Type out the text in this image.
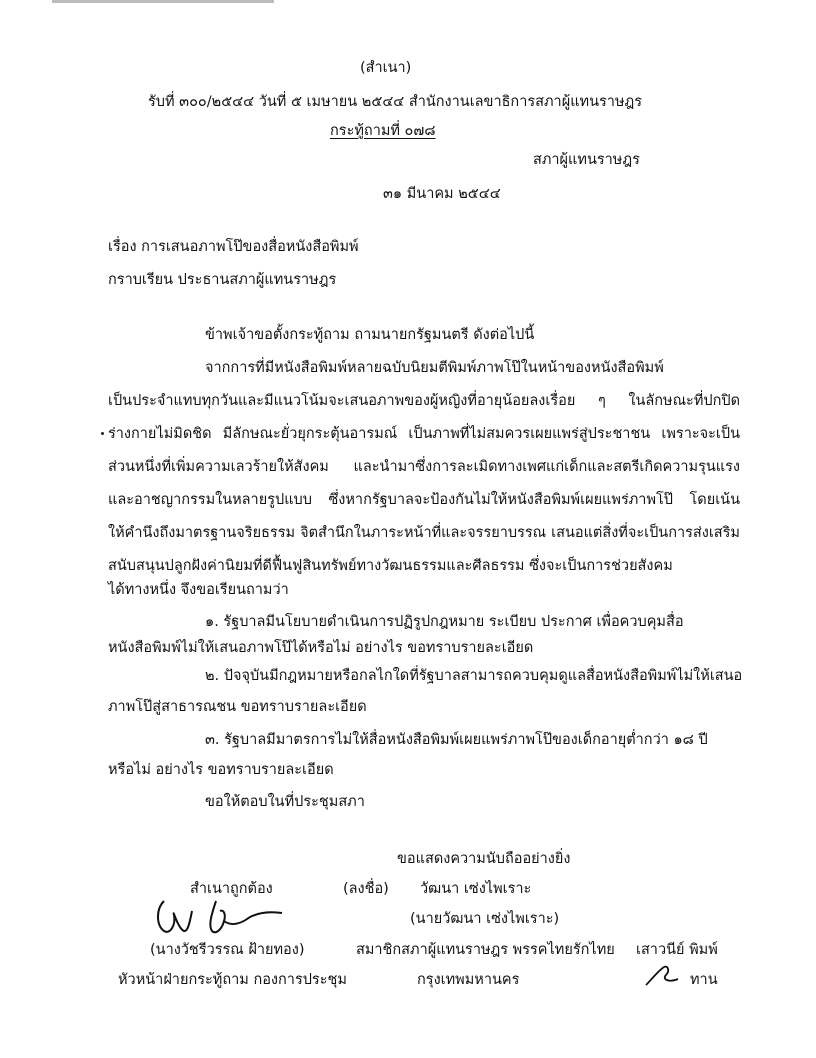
(สำเนา)
รับที่ ๓๐๐/๒๕๔๔ วันที่ ๕ เมษายน ๒๕๔๔ สำนักงานเลขาธิการสภาผู้แทนราษฎร
กระทู้ถามที่ ๐๗๘
สภาผู้แทนราษฎร
๓๑ มีนาคม ๒๕๔๔
เรื่อง การเสนอภาพโป๊ของสื่อหนังสือพิมพ์
กราบเรียน ประธานสภาผู้แทนราษฎร
ข้าพเจ้าขอตั้งกระทู้ถาม ถามนายกรัฐมนตรี ดังต่อไปนี้
จากการที่มีหนังสือพิมพ์หลายฉบับนิยมตีพิมพ์ภาพโป๊ในหน้าของหนังสือพิมพ์
เป็นประจำแทบทุกวันและมีแนวโน้มจะเสนอภาพของผู้หญิงที่อายุน้อยลงเรื่อย ๆ ในลักษณะที่ปกปิด
ร่างกายไม่มิดชิด มีลักษณะยั่วยุกระตุ้นอารมณ์ เป็นภาพที่ไม่สมควรเผยแพร่สู่ประชาชน เพราะจะเป็น
ส่วนหนึ่งที่เพิ่มความเลวร้ายให้สังคม และนำมาซึ่งการละเมิดทางเพศแก่เด็กและสตรีเกิดความรุนแรง
และอาชญากรรมในหลายรูปแบบ ซึ่งหากรัฐบาลจะป้องกันไม่ให้หนังสือพิมพ์เผยแพร่ภาพโป๊ โดยเน้น
ให้คำนึงถึงมาตรฐานจริยธรรม จิตสำนึกในภาระหน้าที่และจรรยาบรรณ เสนอแต่สิ่งที่จะเป็นการส่งเสริม
สนับสนุนปลูกฝังค่านิยมที่ดีฟื้นฟูสินทรัพย์ทางวัฒนธรรมและศีลธรรม ซึ่งจะเป็นการช่วยสังคม
ได้ทางหนึ่ง จึงขอเรียนถามว่า
๑. รัฐบาลมีนโยบายดำเนินการปฏิรูปกฎหมาย ระเบียบ ประกาศ เพื่อควบคุมสื่อ
หนังสือพิมพ์ไม่ให้เสนอภาพโป๊ได้หรือไม่ อย่างไร ขอทราบรายละเอียด
๒. ปัจจุบันมีกฎหมายหรือกลไกใดที่รัฐบาลสามารถควบคุมดูแลสื่อหนังสือพิมพ์ไม่ให้เสนอ
ภาพโป๊สู่สาธารณชน ขอทราบรายละเอียด
๓. รัฐบาลมีมาตรการไม่ให้สื่อหนังสือพิมพ์เผยแพร่ภาพโป๊ของเด็กอายุต่ำกว่า ๑๘ ปี
หรือไม่ อย่างไร ขอทราบรายละเอียด
ขอให้ตอบในที่ประชุมสภา
ขอแสดงความนับถืออย่างยิ่ง
สำเนาถูกต้อง	(ลงชื่อ) วัฒนา เซ่งไพเราะ
(นายวัฒนา เซ่งไพเราะ)
(นางวัชรีวรรณ ฝ้ายทอง)	สมาชิกสภาผู้แทนราษฎร พรรคไทยรักไทย เสาวนีย์ พิมพ์
หัวหน้าฝ่ายกระทู้ถาม กองการประชุม	กรุงเทพมหานคร	ทาน
